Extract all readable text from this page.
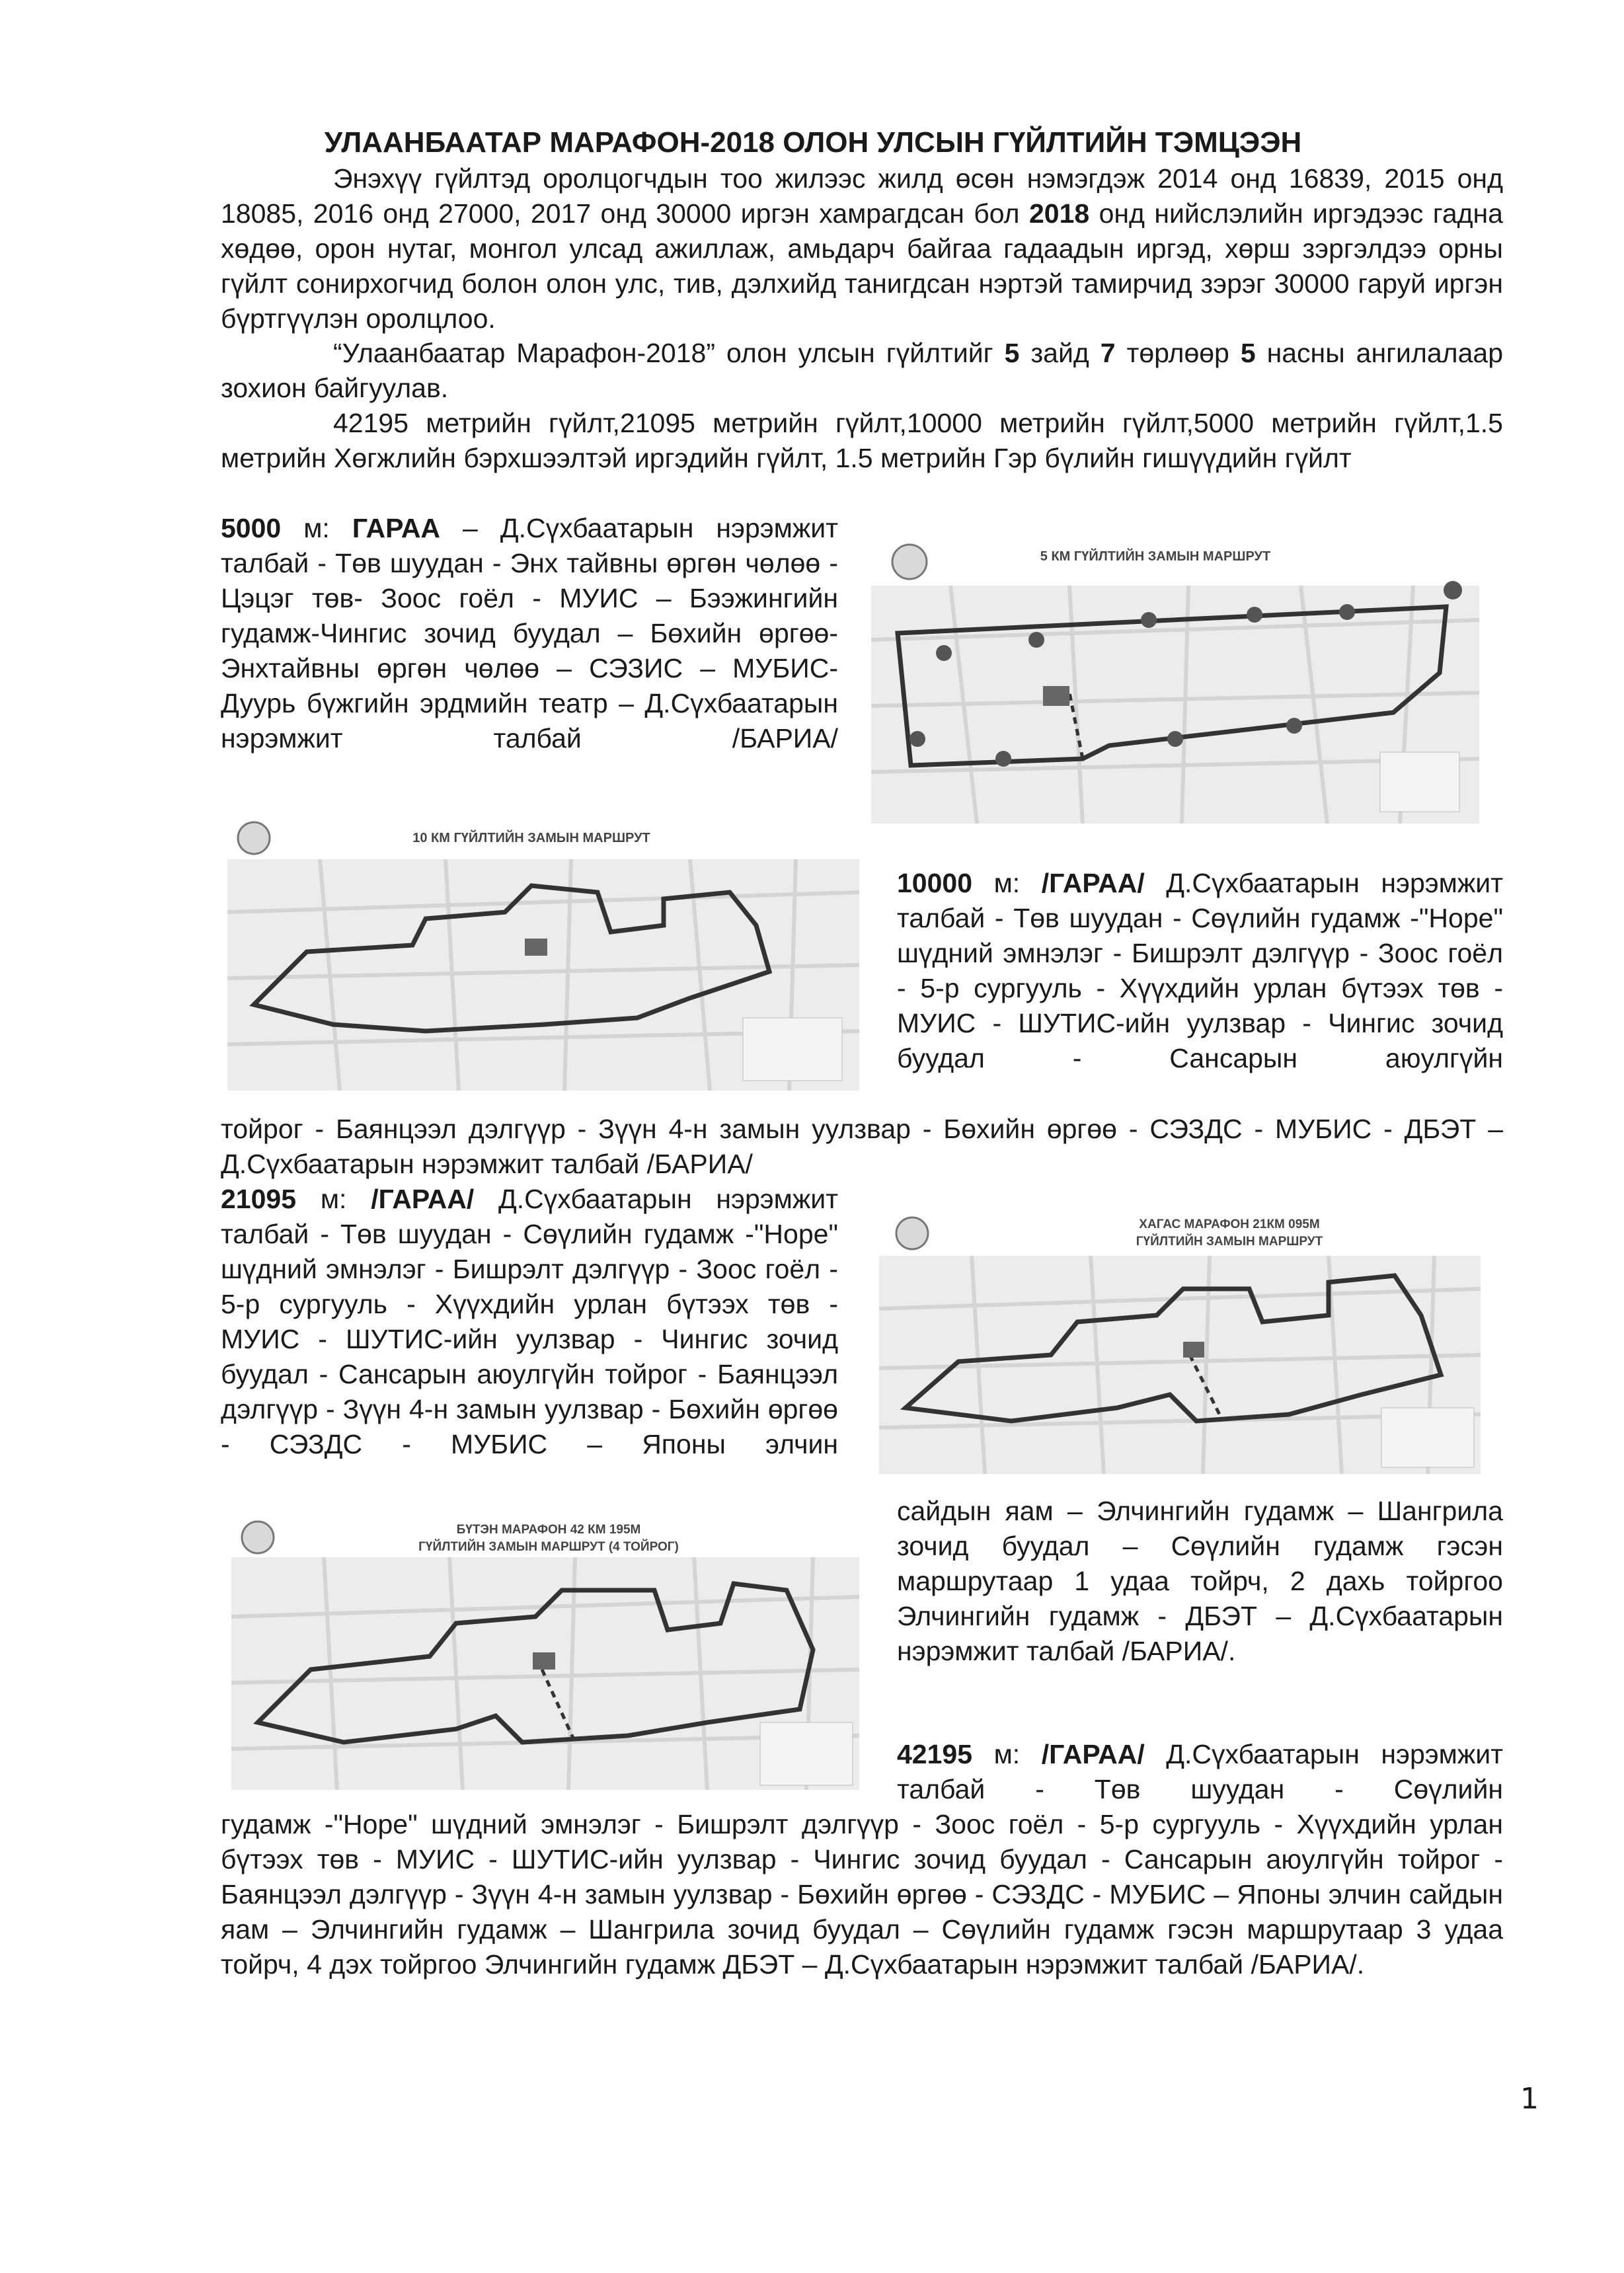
УЛААНБААТАР МАРАФОН-2018 ОЛОН УЛСЫН ГҮЙЛТИЙН ТЭМЦЭЭН

Энэхүү гүйлтэд оролцогчдын тоо жилээс жилд өсөн нэмэгдэж 2014 онд 16839, 2015 онд 18085, 2016 онд 27000, 2017 онд 30000 иргэн хамрагдсан бол 2018 онд нийслэлийн иргэдээс гадна хөдөө, орон нутаг, монгол улсад ажиллаж, амьдарч байгаа гадаадын иргэд, хөрш зэргэлдээ орны гүйлт сонирхогчид болон олон улс, тив, дэлхийд танигдсан нэртэй тамирчид зэрэг 30000 гаруй иргэн бүртгүүлэн оролцлоо.

“Улаанбаатар Марафон-2018” олон улсын гүйлтийг 5 зайд 7 төрлөөр 5 насны ангилалаар зохион байгуулав.

42195 метрийн гүйлт,21095 метрийн гүйлт,10000 метрийн гүйлт,5000 метрийн гүйлт,1.5 метрийн Хөгжлийн бэрхшээлтэй иргэдийн гүйлт, 1.5 метрийн Гэр бүлийн гишүүдийн гүйлт

5000 м: ГАРАА – Д.Сүхбаатарын нэрэмжит талбай - Төв шуудан - Энх тайвны өргөн чөлөө - Цэцэг төв- Зоос гоёл - МУИС – Бээжингийн гудамж-Чингис зочид буудал – Бөхийн өргөө- Энхтайвны өргөн чөлөө – СЭЗИС – МУБИС- Дуурь бүжгийн эрдмийн театр – Д.Сүхбаатарын нэрэмжит талбай /БАРИА/

5 КМ ГҮЙЛТИЙН ЗАМЫН МАРШРУТ
10 КМ ГҮЙЛТИЙН ЗАМЫН МАРШРУТ

10000 м: /ГАРАА/ Д.Сүхбаатарын нэрэмжит талбай - Төв шуудан - Сөүлийн гудамж -"Норе" шүдний эмнэлэг - Бишрэлт дэлгүүр - Зоос гоёл - 5-р сургууль - Хүүхдийн урлан бүтээх төв - МУИС - ШУТИС-ийн уулзвар - Чингис зочид буудал - Сансарын аюулгүйн

тойрог - Баянцээл дэлгүүр - Зүүн 4-н замын уулзвар - Бөхийн өргөө - СЭЗДС - МУБИС - ДБЭТ – Д.Сүхбаатарын нэрэмжит талбай /БАРИА/

21095 м: /ГАРАА/ Д.Сүхбаатарын нэрэмжит талбай - Төв шуудан - Сөүлийн гудамж -"Норе" шүдний эмнэлэг - Бишрэлт дэлгүүр - Зоос гоёл - 5-р сургууль - Хүүхдийн урлан бүтээх төв - МУИС - ШУТИС-ийн уулзвар - Чингис зочид буудал - Сансарын аюулгүйн тойрог - Баянцээл дэлгүүр - Зүүн 4-н замын уулзвар - Бөхийн өргөө - СЭЗДС - МУБИС – Японы элчин

ХАГАС МАРАФОН 21КМ 095М
ГҮЙЛТИЙН ЗАМЫН МАРШРУТ
БҮТЭН МАРАФОН 42 КМ 195М
ГҮЙЛТИЙН ЗАМЫН МАРШРУТ (4 ТОЙРОГ)

сайдын яам – Элчингийн гудамж – Шангрила зочид буудал – Сөүлийн гудамж гэсэн маршрутаар 1 удаа тойрч, 2 дахь тойргоо Элчингийн гудамж - ДБЭТ – Д.Сүхбаатарын нэрэмжит талбай /БАРИА/.

42195 м: /ГАРАА/ Д.Сүхбаатарын нэрэмжит талбай - Төв шуудан - Сөүлийн

гудамж -"Норе" шүдний эмнэлэг - Бишрэлт дэлгүүр - Зоос гоёл - 5-р сургууль - Хүүхдийн урлан бүтээх төв - МУИС - ШУТИС-ийн уулзвар - Чингис зочид буудал - Сансарын аюулгүйн тойрог - Баянцээл дэлгүүр - Зүүн 4-н замын уулзвар - Бөхийн өргөө - СЭЗДС - МУБИС – Японы элчин сайдын яам – Элчингийн гудамж – Шангрила зочид буудал – Сөүлийн гудамж гэсэн маршрутаар 3 удаа тойрч, 4 дэх тойргоо Элчингийн гудамж ДБЭТ – Д.Сүхбаатарын нэрэмжит талбай /БАРИА/.

1
